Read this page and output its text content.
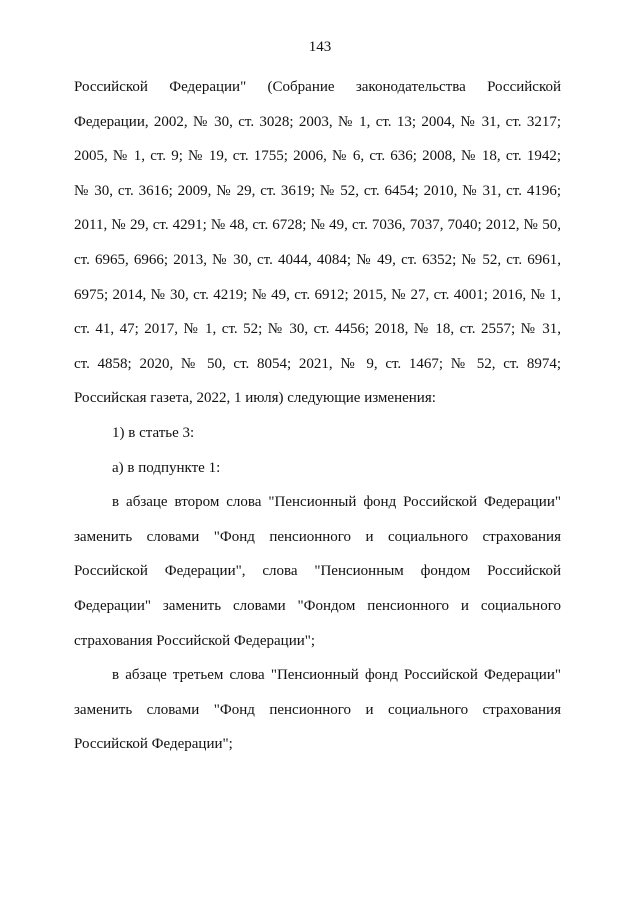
143
Российской Федерации" (Собрание законодательства Российской
Федерации, 2002, № 30, ст. 3028; 2003, № 1, ст. 13; 2004, № 31, ст. 3217;
2005, № 1, ст. 9; № 19, ст. 1755; 2006, № 6, ст. 636; 2008, № 18, ст. 1942;
№ 30, ст. 3616; 2009, № 29, ст. 3619; № 52, ст. 6454; 2010, № 31, ст. 4196;
2011, № 29, ст. 4291; № 48, ст. 6728; № 49, ст. 7036, 7037, 7040; 2012, № 50,
ст. 6965, 6966; 2013, № 30, ст. 4044, 4084; № 49, ст. 6352; № 52, ст. 6961,
6975; 2014, № 30, ст. 4219; № 49, ст. 6912; 2015, № 27, ст. 4001; 2016, № 1,
ст. 41, 47; 2017, № 1, ст. 52; № 30, ст. 4456; 2018, № 18, ст. 2557; № 31,
ст. 4858; 2020, № 50, ст. 8054; 2021, № 9, ст. 1467; № 52, ст. 8974;
Российская газета, 2022, 1 июля) следующие изменения:
1) в статье 3:
а) в подпункте 1:
в абзаце втором слова "Пенсионный фонд Российской Федерации"
заменить словами "Фонд пенсионного и социального страхования
Российской Федерации", слова "Пенсионным фондом Российской
Федерации" заменить словами "Фондом пенсионного и социального
страхования Российской Федерации";
в абзаце третьем слова "Пенсионный фонд Российской Федерации"
заменить словами "Фонд пенсионного и социального страхования
Российской Федерации";
